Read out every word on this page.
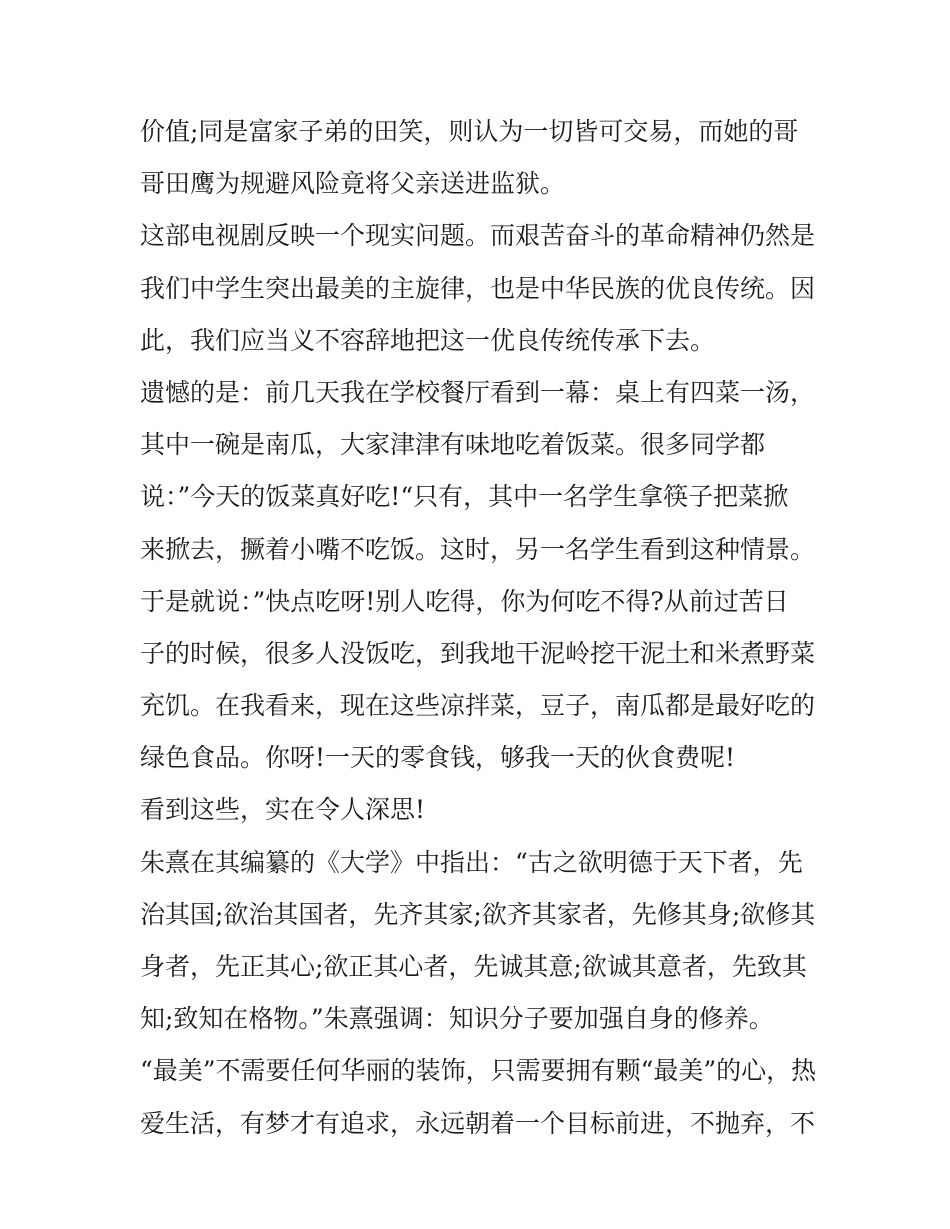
价值;同是富家子弟的田笑，则认为一切皆可交易，而她的哥
哥田鹰为规避风险竟将父亲送进监狱。
这部电视剧反映一个现实问题。而艰苦奋斗的革命精神仍然是
我们中学生突出最美的主旋律，也是中华民族的优良传统。因
此，我们应当义不容辞地把这一优良传统传承下去。
遗憾的是：前几天我在学校餐厅看到一幕：桌上有四菜一汤，
其中一碗是南瓜，大家津津有味地吃着饭菜。很多同学都
说：”今天的饭菜真好吃!“只有，其中一名学生拿筷子把菜掀
来掀去，撅着小嘴不吃饭。这时，另一名学生看到这种情景。
于是就说：”快点吃呀!别人吃得，你为何吃不得?从前过苦日
子的时候，很多人没饭吃，到我地干泥岭挖干泥土和米煮野菜
充饥。在我看来，现在这些凉拌菜，豆子，南瓜都是最好吃的
绿色食品。你呀!一天的零食钱，够我一天的伙食费呢!
看到这些，实在令人深思!
朱熹在其编纂的《大学》中指出：“古之欲明德于天下者，先
治其国;欲治其国者，先齐其家;欲齐其家者，先修其身;欲修其
身者，先正其心;欲正其心者，先诚其意;欲诚其意者，先致其
知;致知在格物。”朱熹强调：知识分子要加强自身的修养。
“最美”不需要任何华丽的装饰，只需要拥有颗“最美”的心，热
爱生活，有梦才有追求，永远朝着一个目标前进，不抛弃，不
